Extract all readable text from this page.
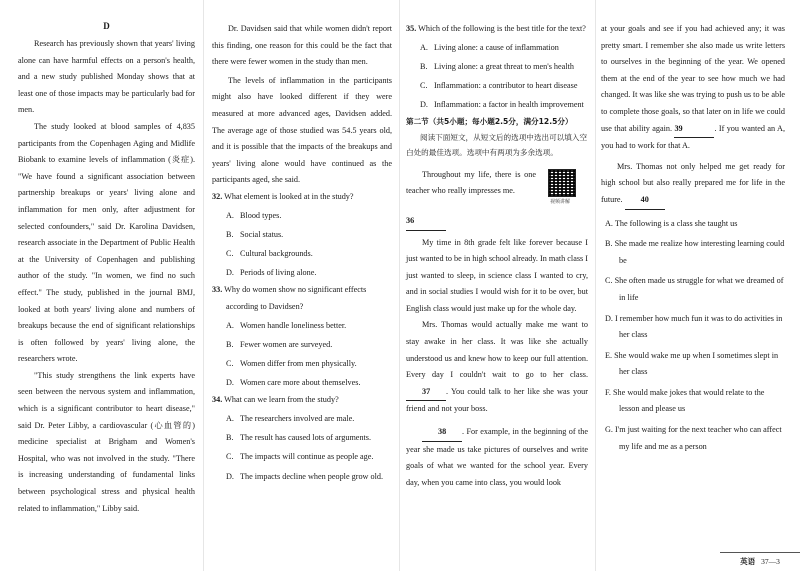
D

Research has previously shown that years' living alone can have harmful effects on a person's health, and a new study published Monday shows that at least one of those impacts may be particularly bad for men.

The study looked at blood samples of 4,835 participants from the Copenhagen Aging and Midlife Biobank to examine levels of inflammation (炎症). "We have found a significant association between partnership breakups or years' living alone and inflammation for men only, after adjustment for selected confounders," said Dr. Karolina Davidsen, research associate in the Department of Public Health at the University of Copenhagen and publishing author of the study. "In women, we find no such effect." The study, published in the journal BMJ, looked at both years' living alone and numbers of breakups because the end of significant relationships is often followed by years' living alone, the researchers wrote.

"This study strengthens the link experts have seen between the nervous system and inflammation, which is a significant contributor to heart disease," said Dr. Peter Libby, a cardiovascular (心血管的) medicine specialist at Brigham and Women's Hospital, who was not involved in the study. "There is increasing understanding of fundamental links between psychological stress and physical health related to inflammation," Libby said.

Dr. Davidsen said that while women didn't report this finding, one reason for this could be the fact that there were fewer women in the study than men.

The levels of inflammation in the participants might also have looked different if they were measured at more advanced ages, Davidsen added. The average age of those studied was 54.5 years old, and it is possible that the impacts of the breakups and years' living alone would have continued as the participants aged, she said.

32. What element is looked at in the study?
A. Blood types.
B. Social status.
C. Cultural backgrounds.
D. Periods of living alone.
33. Why do women show no significant effects according to Davidsen?
A. Women handle loneliness better.
B. Fewer women are surveyed.
C. Women differ from men physically.
D. Women care more about themselves.
34. What can we learn from the study?
A. The researchers involved are male.
B. The result has caused lots of arguments.
C. The impacts will continue as people age.
D. The impacts decline when people grow old.
35. Which of the following is the best title for the text?
A. Living alone: a cause of inflammation
B. Living alone: a great threat to men's health
C. Inflammation: a contributor to heart disease
D. Inflammation: a factor in health improvement
第二节（共5小题；每小题2.5分，满分12.5分）
阅读下面短文，从短文后的选项中选出可以填入空白处的最佳选项。选项中有两项为多余选项。

Throughout my life, there is one teacher who really impresses me.

视频讲解
36

My time in 8th grade felt like forever because I just wanted to be in high school already. In math class I just wanted to sleep, in science class I wanted to cry, and in social studies I would wish for it to be over, but English class would just make up for the whole day.

Mrs. Thomas would actually make me want to stay awake in her class. It was like she actually understood us and knew how to keep our full attention. Every day I couldn't wait to go to her class. 37 . You could talk to her like she was your friend and not your boss.

38 . For example, in the beginning of the year she made us take pictures of ourselves and write goals of what we wanted for the school year. Every day, when you came into class, you would look

at your goals and see if you had achieved any; it was pretty smart. I remember she also made us write letters to ourselves in the beginning of the year. We opened them at the end of the year to see how much we had changed. It was like she was trying to push us to be able to complete those goals, so that later on in life we could use that ability again. 39	. If you wanted an A, you had to work for that A.

Mrs. Thomas not only helped me get ready for high school but also really prepared me for life in the future. 40

A. The following is a class she taught us
B. She made me realize how interesting learning could be
C. She often made us struggle for what we dreamed of in life
D. I remember how much fun it was to do activities in her class
E. She would wake me up when I sometimes slept in her class
F. She would make jokes that would relate to the lesson and please us
G. I'm just waiting for the next teacher who can affect my life and me as a person
英语 37—3
